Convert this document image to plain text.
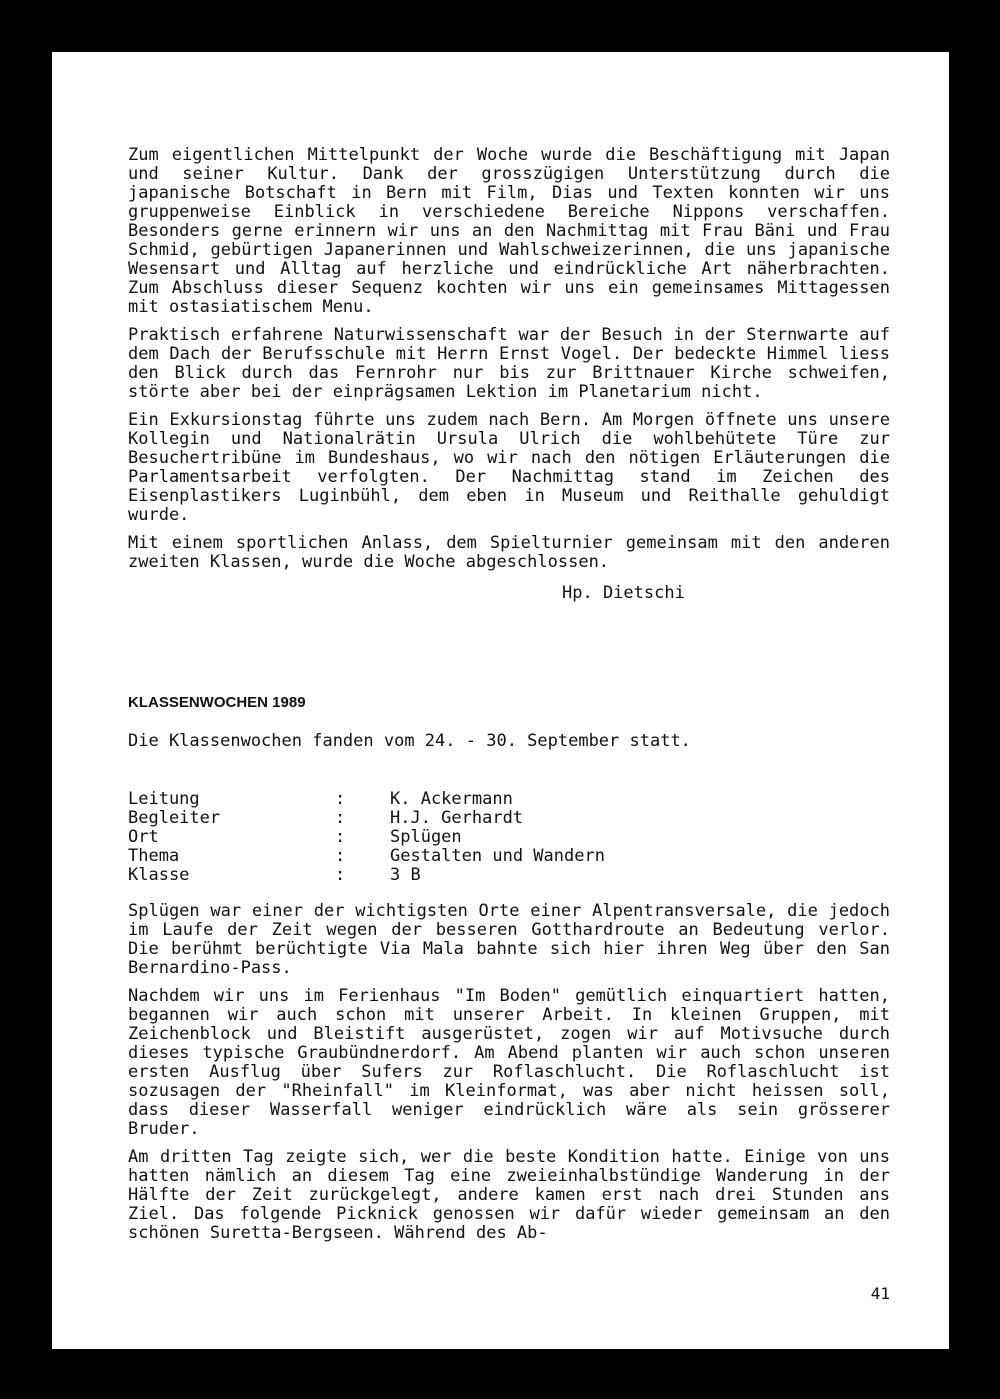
Zum eigentlichen Mittelpunkt der Woche wurde die Beschäftigung mit Japan und seiner Kultur. Dank der grosszügigen Unterstützung durch die japanische Botschaft in Bern mit Film, Dias und Texten konnten wir uns gruppenweise Einblick in verschiedene Bereiche Nippons verschaffen. Besonders gerne erinnern wir uns an den Nachmittag mit Frau Bäni und Frau Schmid, gebürtigen Japanerinnen und Wahlschweizerinnen, die uns japanische Wesensart und Alltag auf herzliche und eindrückliche Art näherbrachten. Zum Abschluss dieser Sequenz kochten wir uns ein gemeinsames Mittagessen mit ostasiatischem Menu.

Praktisch erfahrene Naturwissenschaft war der Besuch in der Sternwarte auf dem Dach der Berufsschule mit Herrn Ernst Vogel. Der bedeckte Himmel liess den Blick durch das Fernrohr nur bis zur Brittnauer Kirche schweifen, störte aber bei der einprägsamen Lektion im Planetarium nicht.

Ein Exkursionstag führte uns zudem nach Bern. Am Morgen öffnete uns unsere Kollegin und Nationalrätin Ursula Ulrich die wohlbehütete Türe zur Besuchertribüne im Bundeshaus, wo wir nach den nötigen Erläuterungen die Parlamentsarbeit verfolgten. Der Nachmittag stand im Zeichen des Eisenplastikers Luginbühl, dem eben in Museum und Reithalle gehuldigt wurde.

Mit einem sportlichen Anlass, dem Spielturnier gemeinsam mit den anderen zweiten Klassen, wurde die Woche abgeschlossen.

Hp. Dietschi

KLASSENWOCHEN 1989
Die Klassenwochen fanden vom 24. - 30. September statt.
Leitung	:	K. Ackermann
Begleiter	:	H.J. Gerhardt
Ort	:	Splügen
Thema	:	Gestalten und Wandern
Klasse	:	3 B

Splügen war einer der wichtigsten Orte einer Alpentransversale, die jedoch im Laufe der Zeit wegen der besseren Gotthardroute an Bedeutung verlor. Die berühmt berüchtigte Via Mala bahnte sich hier ihren Weg über den San Bernardino-Pass.

Nachdem wir uns im Ferienhaus "Im Boden" gemütlich einquartiert hatten, begannen wir auch schon mit unserer Arbeit. In kleinen Gruppen, mit Zeichenblock und Bleistift ausgerüstet, zogen wir auf Motivsuche durch dieses typische Graubündnerdorf. Am Abend planten wir auch schon unseren ersten Ausflug über Sufers zur Roflaschlucht. Die Roflaschlucht ist sozusagen der "Rheinfall" im Kleinformat, was aber nicht heissen soll, dass dieser Wasserfall weniger eindrücklich wäre als sein grösserer Bruder.

Am dritten Tag zeigte sich, wer die beste Kondition hatte. Einige von uns hatten nämlich an diesem Tag eine zweieinhalbstündige Wanderung in der Hälfte der Zeit zurückgelegt, andere kamen erst nach drei Stunden ans Ziel. Das folgende Picknick genossen wir dafür wieder gemeinsam an den schönen Suretta-Bergseen. Während des Ab-

41
